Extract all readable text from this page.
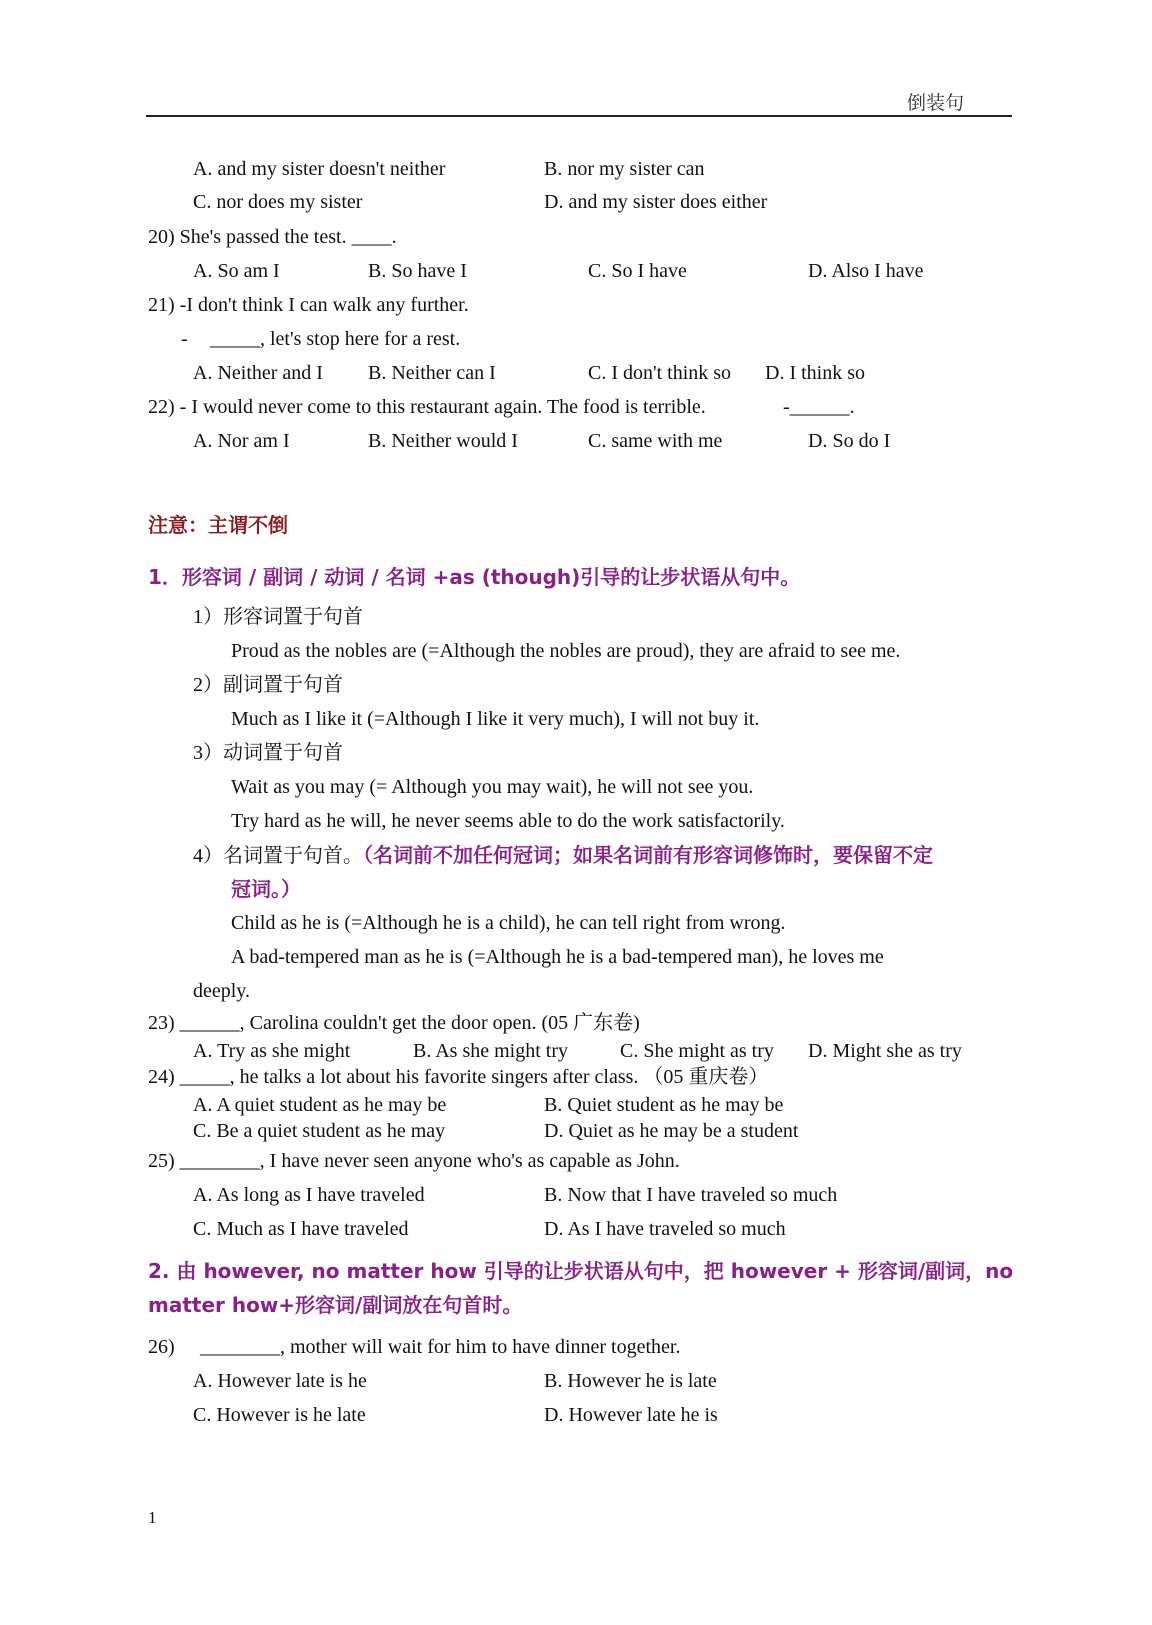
倒装句
A. and my sister doesn't neither	B. nor my sister can
C. nor does my sister	D. and my sister does either
20) She's passed the test. ____.
A. So am I	B. So have I	C. So I have	D. Also I have
21) -I don't think I can walk any further.
- _____, let's stop here for a rest.
A. Neither and I B. Neither can I	C. I don't think so D. I think so
22) - I would never come to this restaurant again. The food is terrible.	-______.
A. Nor am I	B. Neither would I	C. same with me	D. So do I
注意：主谓不倒
1．形容词 / 副词 / 动词 / 名词 +as (though)引导的让步状语从句中。
1）形容词置于句首
Proud as the nobles are (=Although the nobles are proud), they are afraid to see me.
2）副词置于句首
Much as I like it (=Although I like it very much), I will not buy it.
3）动词置于句首
Wait as you may (= Although you may wait), he will not see you.
Try hard as he will, he never seems able to do the work satisfactorily.
4）名词置于句首。（名词前不加任何冠词；如果名词前有形容词修饰时，要保留不定
冠词。）
Child as he is (=Although he is a child), he can tell right from wrong.
A bad-tempered man as he is (=Although he is a bad-tempered man), he loves me
deeply.
23) ______, Carolina couldn't get the door open. (05 广东卷)
A. Try as she might	B. As she might try	C. She might as try D. Might she as try
24) _____, he talks a lot about his favorite singers after class. （05 重庆卷）
A. A quiet student as he may be	B. Quiet student as he may be
C. Be a quiet student as he may	D. Quiet as he may be a student
25) ________, I have never seen anyone who's as capable as John.
A. As long as I have traveled	B. Now that I have traveled so much
C. Much as I have traveled	D. As I have traveled so much
2. 由 however, no matter how 引导的让步状语从句中，把 however + 形容词/副词，no
matter how+形容词/副词放在句首时。
26) ________, mother will wait for him to have dinner together.
A. However late is he	B. However he is late
C. However is he late	D. However late he is
1
